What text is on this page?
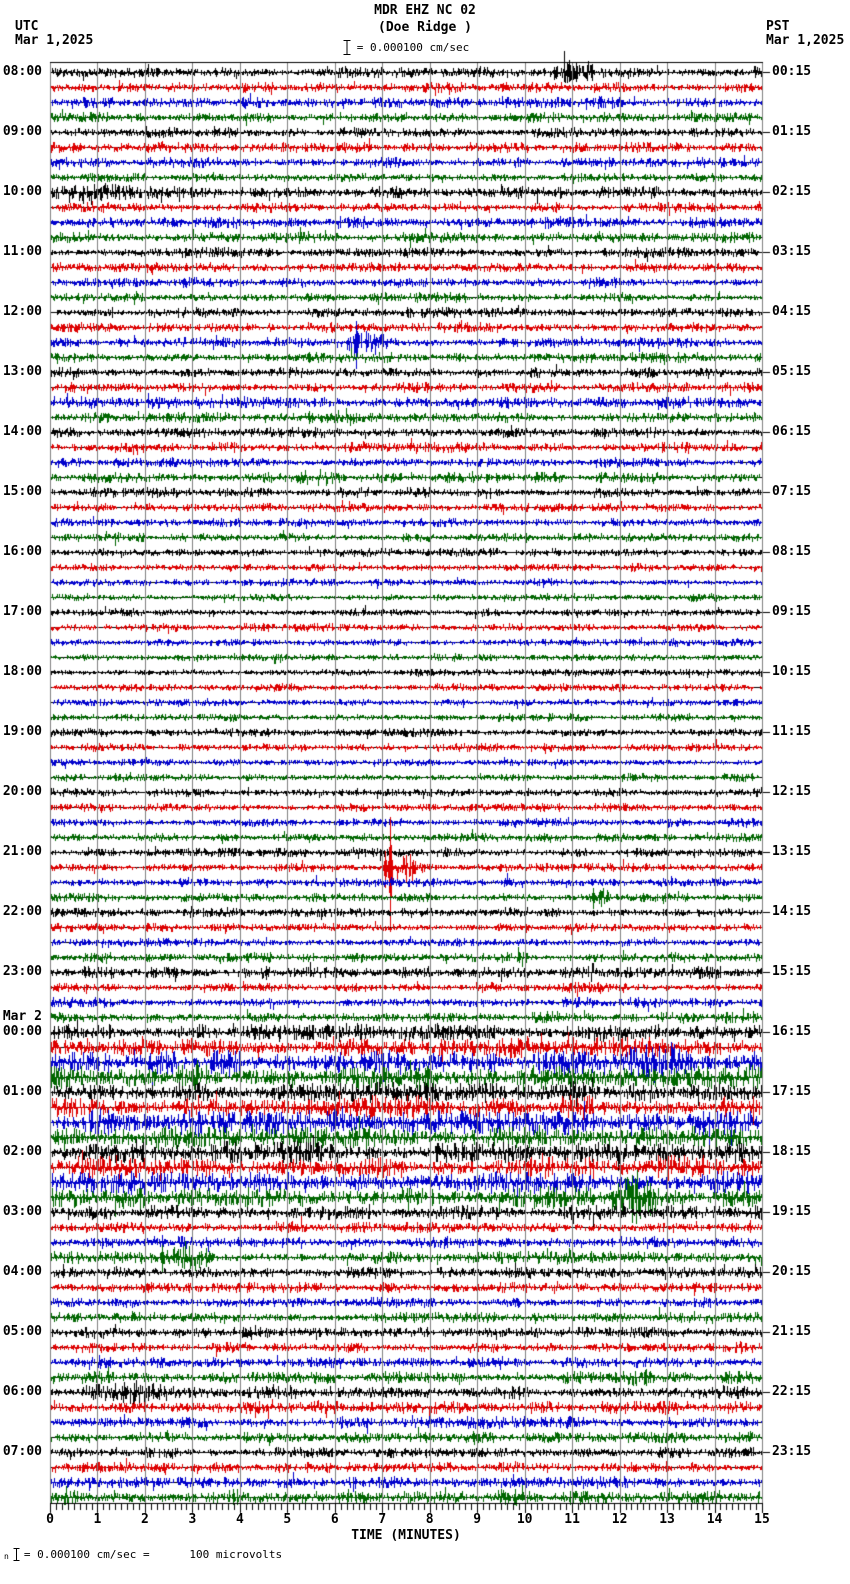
UTC
Mar 1,2025
PST
Mar 1,2025
MDR EHZ NC 02
(Doe Ridge )
= 0.000100 cm/sec
Mar 2
08:00
09:00
10:00
11:00
12:00
13:00
14:00
15:00
16:00
17:00
18:00
19:00
20:00
21:00
22:00
23:00
00:00
01:00
02:00
03:00
04:00
05:00
06:00
07:00
00:15
01:15
02:15
03:15
04:15
05:15
06:15
07:15
08:15
09:15
10:15
11:15
12:15
13:15
14:15
15:15
16:15
17:15
18:15
19:15
20:15
21:15
22:15
23:15
0	1	2	3	4	5	6	7	8	9	10	11	12	13	14	15
TIME (MINUTES)
n = 0.000100 cm/sec =      100 microvolts
